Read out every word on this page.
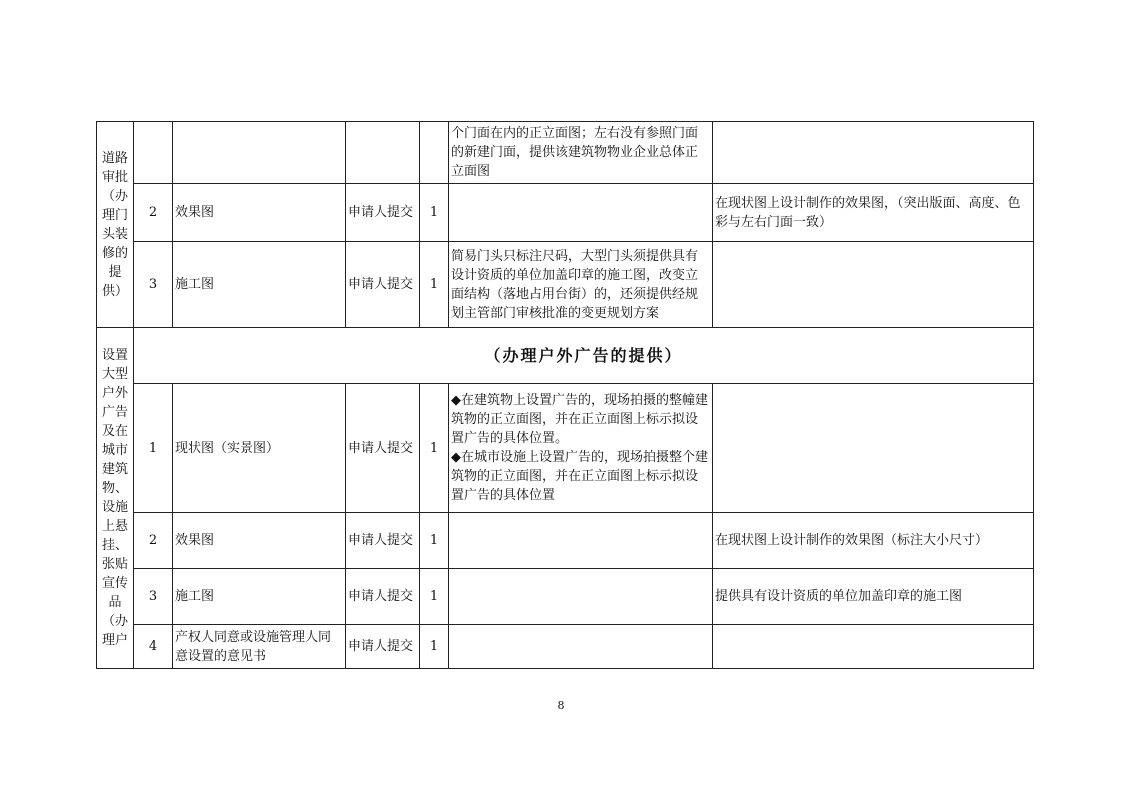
道路审批（办理门头装修的提供）					个门面在内的正立面图；左右没有参照门面的新建门面，提供该建筑物物业企业总体正立面图	
	2	效果图	申请人提交	1		在现状图上设计制作的效果图，（突出版面、高度、色彩与左右门面一致）
	3	施工图	申请人提交	1	简易门头只标注尺码，大型门头须提供具有设计资质的单位加盖印章的施工图，改变立面结构（落地占用台街）的，还须提供经规划主管部门审核批准的变更规划方案	
设置大型户外广告及在城市建筑物、设施上悬挂、张贴宣传品（办理户	（办理户外广告的提供）					
	1	现状图（实景图）	申请人提交	1	◆在建筑物上设置广告的，现场拍摄的整幢建筑物的正立面图，并在正立面图上标示拟设置广告的具体位置。
◆在城市设施上设置广告的，现场拍摄整个建筑物的正立面图，并在正立面图上标示拟设置广告的具体位置	

	2	效果图	申请人提交	1		在现状图上设计制作的效果图（标注大小尺寸）
	3	施工图	申请人提交	1		提供具有设计资质的单位加盖印章的施工图
	4	产权人同意或设施管理人同意设置的意见书	申请人提交	1		
8
